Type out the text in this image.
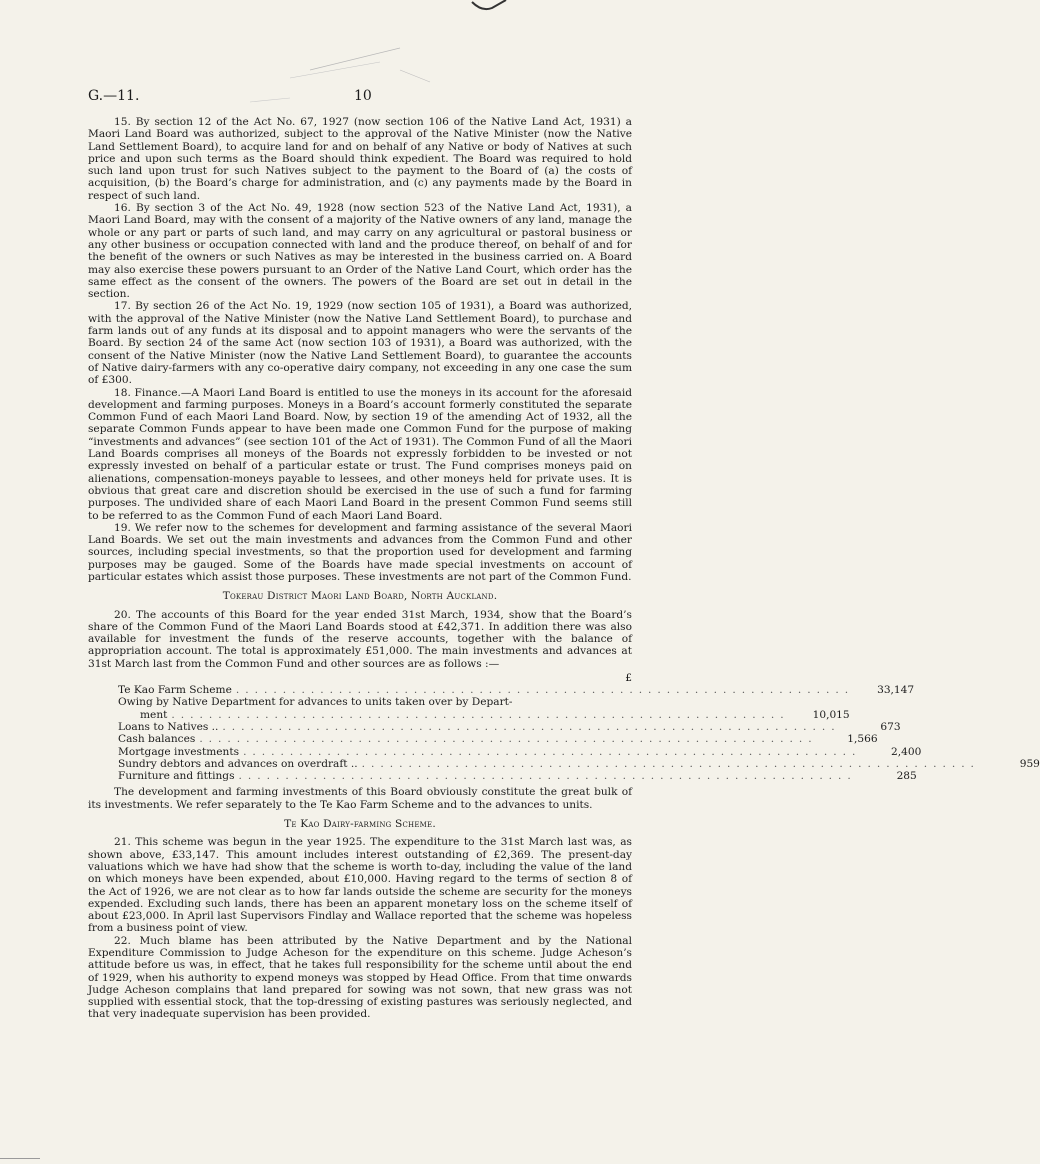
G.—11.	10

15. By section 12 of the Act No. 67, 1927 (now section 106 of the Native Land Act, 1931) a Maori Land Board was authorized, subject to the approval of the Native Minister (now the Native Land Settlement Board), to acquire land for and on behalf of any Native or body of Natives at such price and upon such terms as the Board should think expedient. The Board was required to hold such land upon trust for such Natives subject to the payment to the Board of (a) the costs of acquisition, (b) the Board’s charge for administration, and (c) any payments made by the Board in respect of such land.

16. By section 3 of the Act No. 49, 1928 (now section 523 of the Native Land Act, 1931), a Maori Land Board, may with the consent of a majority of the Native owners of any land, manage the whole or any part or parts of such land, and may carry on any agricultural or pastoral business or any other business or occupation connected with land and the produce thereof, on behalf of and for the benefit of the owners or such Natives as may be interested in the business carried on. A Board may also exercise these powers pursuant to an Order of the Native Land Court, which order has the same effect as the consent of the owners. The powers of the Board are set out in detail in the section.

17. By section 26 of the Act No. 19, 1929 (now section 105 of 1931), a Board was authorized, with the approval of the Native Minister (now the Native Land Settlement Board), to purchase and farm lands out of any funds at its disposal and to appoint managers who were the servants of the Board. By section 24 of the same Act (now section 103 of 1931), a Board was authorized, with the consent of the Native Minister (now the Native Land Settlement Board), to guarantee the accounts of Native dairy-farmers with any co-operative dairy company, not exceeding in any one case the sum of £300.

18. Finance.—A Maori Land Board is entitled to use the moneys in its account for the aforesaid development and farming purposes. Moneys in a Board’s account formerly constituted the separate Common Fund of each Maori Land Board. Now, by section 19 of the amending Act of 1932, all the separate Common Funds appear to have been made one Common Fund for the purpose of making “investments and advances” (see section 101 of the Act of 1931). The Common Fund of all the Maori Land Boards comprises all moneys of the Boards not expressly forbidden to be invested or not expressly invested on behalf of a particular estate or trust. The Fund comprises moneys paid on alienations, compensation-moneys payable to lessees, and other moneys held for private uses. It is obvious that great care and discretion should be exercised in the use of such a fund for farming purposes. The undivided share of each Maori Land Board in the present Common Fund seems still to be referred to as the Common Fund of each Maori Land Board.

19. We refer now to the schemes for development and farming assistance of the several Maori Land Boards. We set out the main investments and advances from the Common Fund and other sources, including special investments, so that the proportion used for development and farming purposes may be gauged. Some of the Boards have made special investments on account of particular estates which assist those purposes. These investments are not part of the Common Fund.

Tokerau District Maori Land Board, North Auckland.

20. The accounts of this Board for the year ended 31st March, 1934, show that the Board’s share of the Common Fund of the Maori Land Boards stood at £42,371. In addition there was also available for investment the funds of the reserve accounts, together with the balance of appropriation account. The total is approximately £51,000. The main investments and advances at 31st March last from the Common Fund and other sources are as follows :—

£
Te Kao Farm Scheme ..................................................................	33,147
Owing by Native Department for advances to units taken over by Depart-
ment ..................................................................	10,015
Loans to Natives .. ..................................................................	673
Cash balances ..................................................................	1,566
Mortgage investments ..................................................................	2,400
Sundry debtors and advances on overdraft .. ..................................................................	959
Furniture and fittings ..................................................................	285

The development and farming investments of this Board obviously constitute the great bulk of its investments. We refer separately to the Te Kao Farm Scheme and to the advances to units.

Te Kao Dairy-farming Scheme.

21. This scheme was begun in the year 1925. The expenditure to the 31st March last was, as shown above, £33,147. This amount includes interest outstanding of £2,369. The present-day valuations which we have had show that the scheme is worth to-day, including the value of the land on which moneys have been expended, about £10,000. Having regard to the terms of section 8 of the Act of 1926, we are not clear as to how far lands outside the scheme are security for the moneys expended. Excluding such lands, there has been an apparent monetary loss on the scheme itself of about £23,000. In April last Supervisors Findlay and Wallace reported that the scheme was hopeless from a business point of view.

22. Much blame has been attributed by the Native Department and by the National Expenditure Commission to Judge Acheson for the expenditure on this scheme. Judge Acheson’s attitude before us was, in effect, that he takes full responsibility for the scheme until about the end of 1929, when his authority to expend moneys was stopped by Head Office. From that time onwards Judge Acheson complains that land prepared for sowing was not sown, that new grass was not supplied with essential stock, that the top-dressing of existing pastures was seriously neglected, and that very inadequate supervision has been provided.
